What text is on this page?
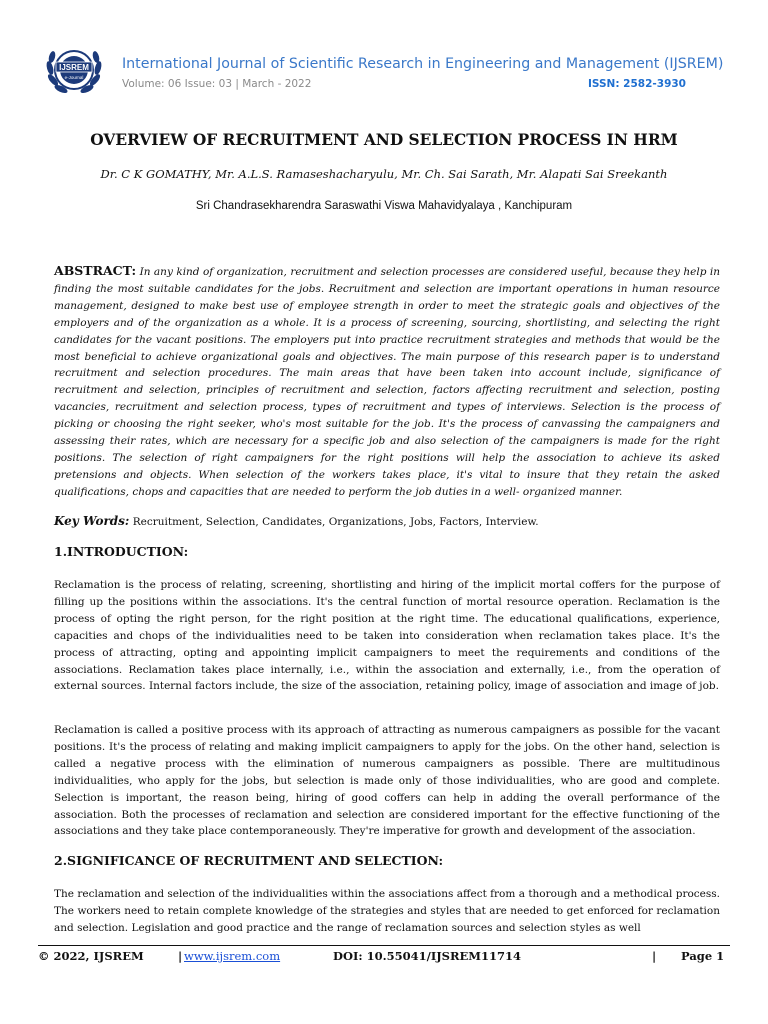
IJSREM
e-Journal
International Journal of Scientific Research in Engineering and Management (IJSREM)
Volume: 06 Issue: 03 | March - 2022	ISSN: 2582-3930
OVERVIEW OF RECRUITMENT AND SELECTION PROCESS IN HRM
Dr. C K GOMATHY, Mr. A.L.S. Ramaseshacharyulu, Mr. Ch. Sai Sarath, Mr. Alapati Sai Sreekanth
Sri Chandrasekharendra Saraswathi Viswa Mahavidyalaya , Kanchipuram
ABSTRACT: In any kind of organization, recruitment and selection processes are considered useful, because they help in finding the most suitable candidates for the jobs. Recruitment and selection are important operations in human resource management, designed to make best use of employee strength in order to meet the strategic goals and objectives of the employers and of the organization as a whole. It is a process of screening, sourcing, shortlisting, and selecting the right candidates for the vacant positions. The employers put into practice recruitment strategies and methods that would be the most beneficial to achieve organizational goals and objectives. The main purpose of this research paper is to understand recruitment and selection procedures. The main areas that have been taken into account include, significance of recruitment and selection, principles of recruitment and selection, factors affecting recruitment and selection, posting vacancies, recruitment and selection process, types of recruitment and types of interviews. Selection is the process of picking or choosing the right seeker, who's most suitable for the job. It's the process of canvassing the campaigners and assessing their rates, which are necessary for a specific job and also selection of the campaigners is made for the right positions. The selection of right campaigners for the right positions will help the association to achieve its asked pretensions and objects. When selection of the workers takes place, it's vital to insure that they retain the asked qualifications, chops and capacities that are needed to perform the job duties in a well- organized manner.
Key Words: Recruitment, Selection, Candidates, Organizations, Jobs, Factors, Interview.
1.INTRODUCTION:
Reclamation is the process of relating, screening, shortlisting and hiring of the implicit mortal coffers for the purpose of filling up the positions within the associations. It's the central function of mortal resource operation. Reclamation is the process of opting the right person, for the right position at the right time. The educational qualifications, experience, capacities and chops of the individualities need to be taken into consideration when reclamation takes place. It's the process of attracting, opting and appointing implicit campaigners to meet the requirements and conditions of the associations. Reclamation takes place internally, i.e., within the association and externally, i.e., from the operation of external sources. Internal factors include, the size of the association, retaining policy, image of association and image of job.
Reclamation is called a positive process with its approach of attracting as numerous campaigners as possible for the vacant positions. It's the process of relating and making implicit campaigners to apply for the jobs. On the other hand, selection is called a negative process with the elimination of numerous campaigners as possible. There are multitudinous individualities, who apply for the jobs, but selection is made only of those individualities, who are good and complete. Selection is important, the reason being, hiring of good coffers can help in adding the overall performance of the association. Both the processes of reclamation and selection are considered important for the effective functioning of the associations and they take place contemporaneously. They're imperative for growth and development of the association.
2.SIGNIFICANCE OF RECRUITMENT AND SELECTION:
The reclamation and selection of the individualities within the associations affect from a thorough and a methodical process. The workers need to retain complete knowledge of the strategies and styles that are needed to get enforced for reclamation and selection. Legislation and good practice and the range of reclamation sources and selection styles as well
© 2022, IJSREM	| www.ijsrem.com	DOI: 10.55041/IJSREM11714	| Page 1
